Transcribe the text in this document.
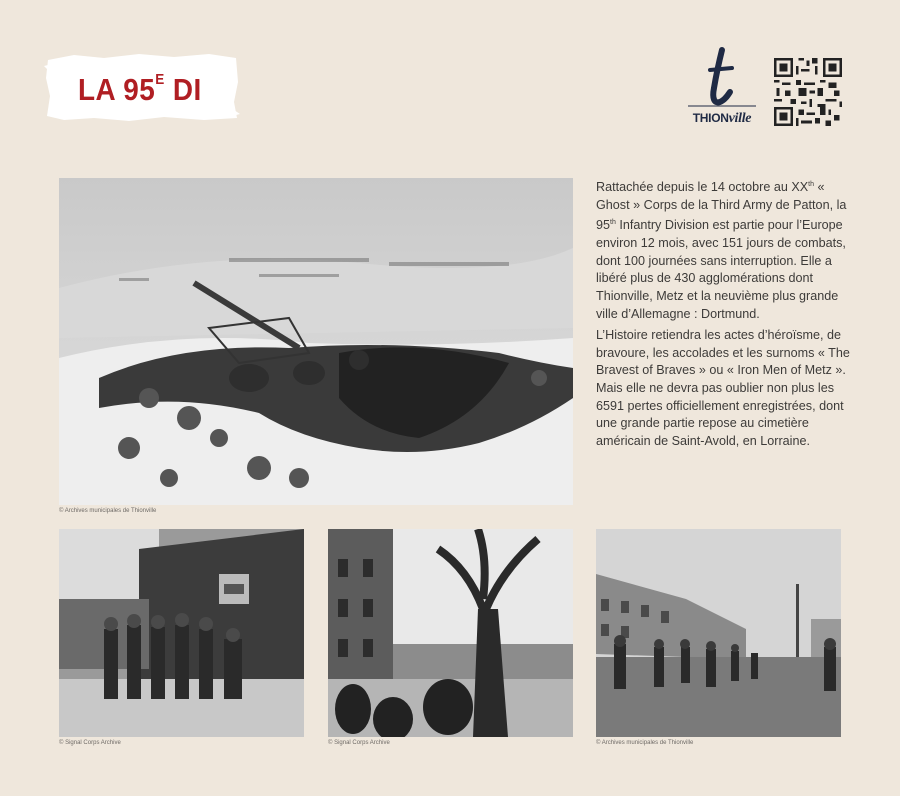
LA $95^E$ DI
THIONville
© Archives municipales de Thionville

Rattachée depuis le 14 octobre au XXth « Ghost » Corps de la Third Army de Patton, la 95th Infantry Division est partie pour l’Europe environ 12 mois, avec 151 jours de combats, dont 100 journées sans interruption. Elle a libéré plus de 430 agglomérations dont Thionville, Metz et la neuvième plus grande ville d’Allemagne : Dortmund.

L’Histoire retiendra les actes d’héroïsme, de bravoure, les accolades et les surnoms « The Bravest of Braves » ou « Iron Men of Metz ». Mais elle ne devra pas oublier non plus les 6591 pertes officiellement enregistrées, dont une grande partie repose au cimetière américain de Saint-Avold, en Lorraine.

© Signal Corps Archive	© Signal Corps Archive	© Archives municipales de Thionville
